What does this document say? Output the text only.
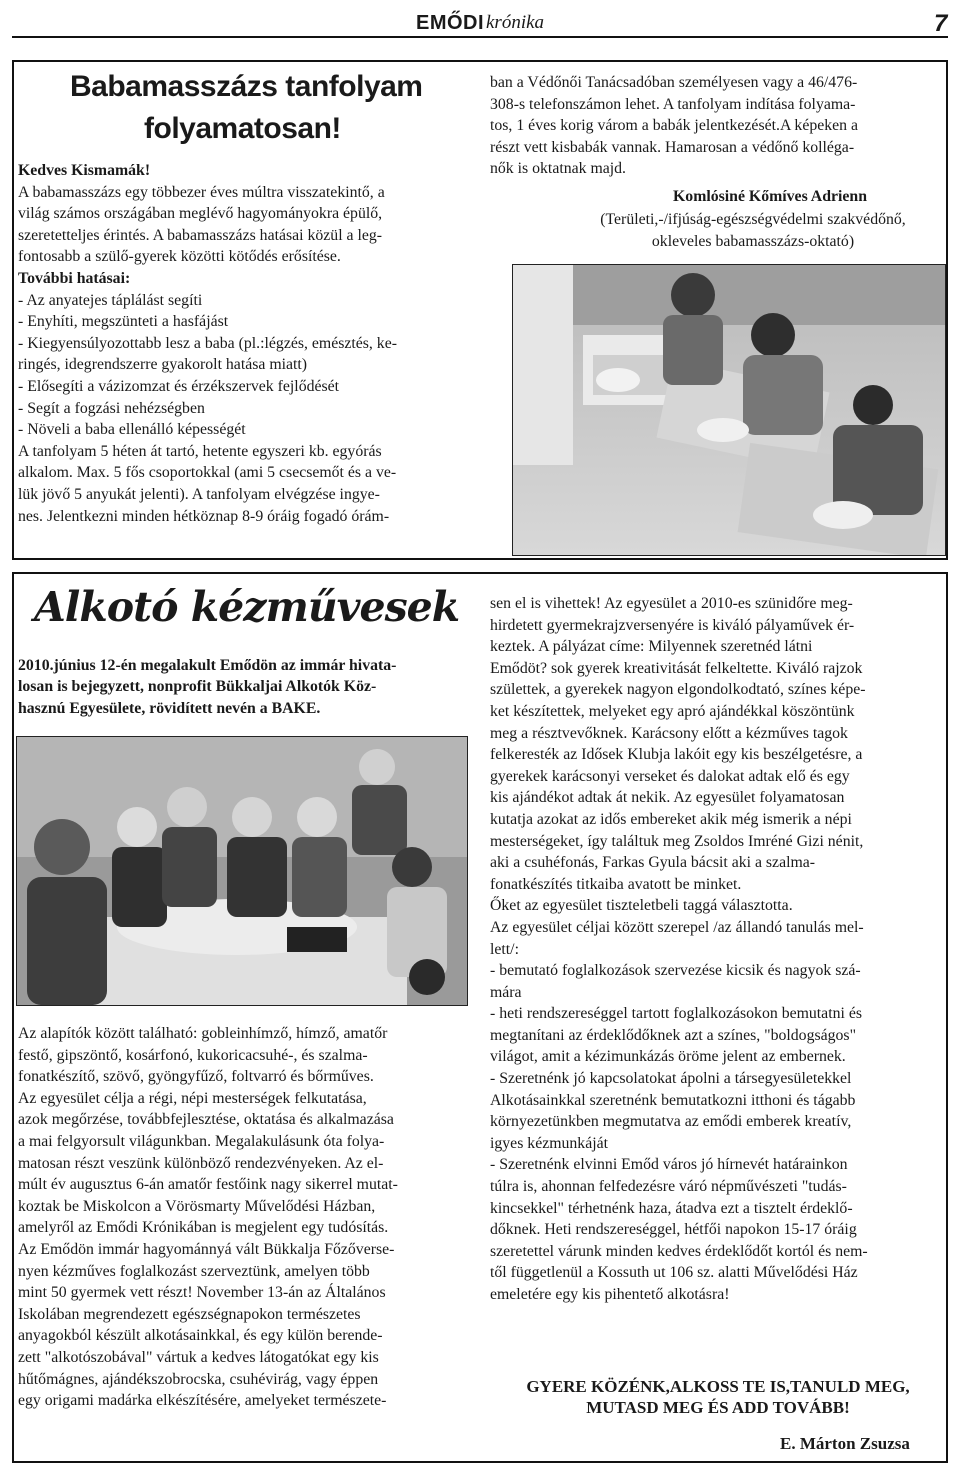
EMŐDI krónika	7
Babamasszázs tanfolyam
folyamatosan!

Kedves Kismamák!

A babamasszázs egy többezer éves múltra visszatekintő, a

világ számos országában meglévő hagyományokra épülő,

szeretetteljes érintés. A babamasszázs hatásai közül a leg-

fontosabb a szülő-gyerek közötti kötődés erősítése.

További hatásai:

- Az anyatejes táplálást segíti

- Enyhíti, megszünteti a hasfájást

- Kiegyensúlyozottabb lesz a baba (pl.:légzés, emésztés, ke-

ringés, idegrendszerre gyakorolt hatása miatt)

- Elősegíti a vázizomzat és érzékszervek fejlődését

- Segít a fogzási nehézségben

- Növeli a baba ellenálló képességét

A tanfolyam 5 héten át tartó, hetente egyszeri kb. egyórás

alkalom. Max. 5 fős csoportokkal (ami 5 csecsemőt és a ve-

lük jövő 5 anyukát jelenti). A tanfolyam elvégzése ingye-

nes. Jelentkezni minden hétköznap 8-9 óráig fogadó órám-

ban a Védőnői Tanácsadóban személyesen vagy a 46/476-

308-s telefonszámon lehet. A tanfolyam indítása folyama-

tos, 1 éves korig várom a babák jelentkezését.A képeken a

részt vett kisbabák vannak. Hamarosan a védőnő kolléga-

nők is oktatnak majd.

Komlósiné Kőmíves Adrienn
(Területi,-/ifjúság-egészségvédelmi szakvédőnő,
okleveles babamasszázs-oktató)
Alkotó kézművesek

2010.június 12-én megalakult Emődön az immár hivata-

losan is bejegyzett, nonprofit Bükkaljai Alkotók Köz-

hasznú Egyesülete, rövidített nevén a BAKE.

Az alapítók között található: gobleinhímző, hímző, amatőr

festő, gipszöntő, kosárfonó, kukoricacsuhé-, és szalma-

fonatkészítő, szövő, gyöngyfűző, foltvarró és bőrműves.

Az egyesület célja a régi, népi mesterségek felkutatása,

azok megőrzése, továbbfejlesztése, oktatása és alkalmazása

a mai felgyorsult világunkban. Megalakulásunk óta folya-

matosan részt veszünk különböző rendezvényeken. Az el-

múlt év augusztus 6-án amatőr festőink nagy sikerrel mutat-

koztak be Miskolcon a Vörösmarty Művelődési Házban,

amelyről az Emődi Krónikában is megjelent egy tudósítás.

Az Emődön immár hagyománnyá vált Bükkalja Főzőverse-

nyen kézműves foglalkozást szerveztünk, amelyen több

mint 50 gyermek vett részt! November 13-án az Általános

Iskolában megrendezett egészségnapokon természetes

anyagokból készült alkotásainkkal, és egy külön berende-

zett "alkotószobával" vártuk a kedves látogatókat egy kis

hűtőmágnes, ajándékszobrocska, csuhévirág, vagy éppen

egy origami madárka elkészítésére, amelyeket természete-

sen el is vihettek! Az egyesület a 2010-es szünidőre meg-

hirdetett gyermekrajzversenyére is kiváló pályaművek ér-

keztek. A pályázat címe: Milyennek szeretnéd látni

Emődöt? sok gyerek kreativitását felkeltette. Kiváló rajzok

születtek, a gyerekek nagyon elgondolkodtató, színes képe-

ket készítettek, melyeket egy apró ajándékkal köszöntünk

meg a résztvevőknek. Karácsony előtt a kézműves tagok

felkeresték az Idősek Klubja lakóit egy kis beszélgetésre, a

gyerekek karácsonyi verseket és dalokat adtak elő és egy

kis ajándékot adtak át nekik. Az egyesület folyamatosan

kutatja azokat az idős embereket akik még ismerik a népi

mesterségeket, így találtuk meg Zsoldos Imréné Gizi nénit,

aki a csuhéfonás, Farkas Gyula bácsit aki a szalma-

fonatkészítés titkaiba avatott be minket.

Őket az egyesület tiszteletbeli taggá választotta.

Az egyesület céljai között szerepel /az állandó tanulás mel-

lett/:

- bemutató foglalkozások szervezése kicsik és nagyok szá-

mára

- heti rendszereséggel tartott foglalkozásokon bemutatni és

megtanítani az érdeklődőknek azt a színes, "boldogságos"

világot, amit a kézimunkázás öröme jelent az embernek.

- Szeretnénk jó kapcsolatokat ápolni a társegyesületekkel

Alkotásainkkal szeretnénk bemutatkozni itthoni és tágabb

környezetünkben megmutatva az emődi emberek kreatív,

igyes kézmunkáját

- Szeretnénk elvinni Emőd város jó hírnevét határainkon

túlra is, ahonnan felfedezésre váró népművészeti "tudás-

kincsekkel" térhetnénk haza, átadva ezt a tisztelt érdeklő-

dőknek. Heti rendszereséggel, hétfői napokon 15-17 óráig

szeretettel várunk minden kedves érdeklődőt kortól és nem-

től függetlenül a Kossuth ut 106 sz. alatti Művelődési Ház

emeletére egy kis pihentető alkotásra!

GYERE KÖZÉNK,ALKOSS TE IS,TANULD MEG,
MUTASD MEG ÉS ADD TOVÁBB!
E. Márton Zsuzsa
